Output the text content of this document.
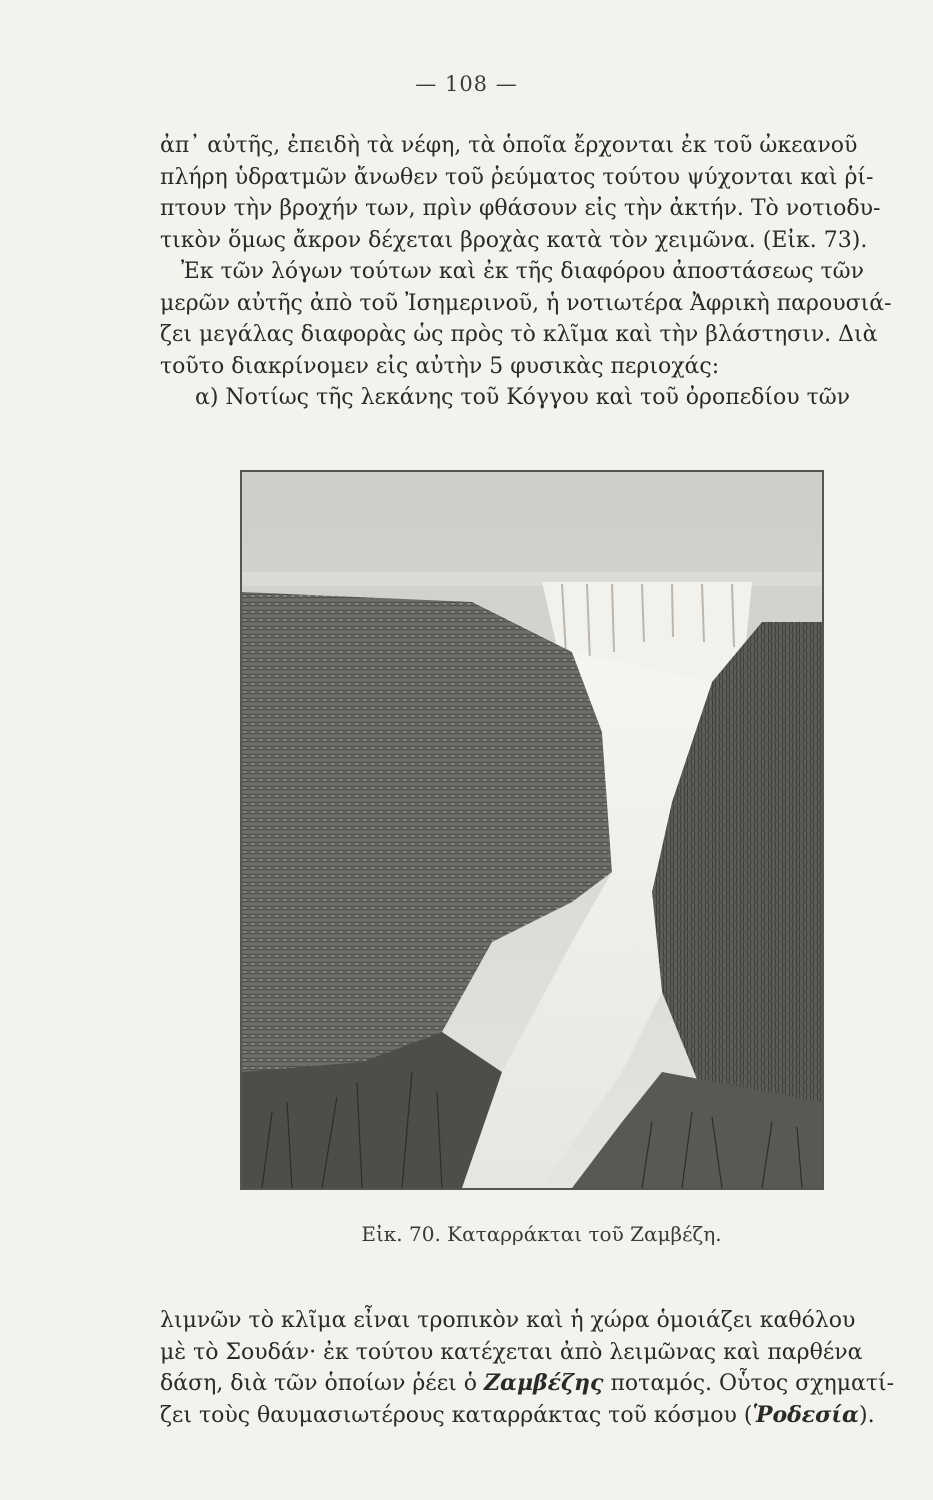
— 108 —
ἀπ᾿ αὐτῆς, ἐπειδὴ τὰ νέφη, τὰ ὁποῖα ἔρχονται ἐκ τοῦ ὠκεανοῦ
πλήρη ὑδρατμῶν ἄνωθεν τοῦ ῥεύματος τούτου ψύχονται καὶ ῥί-
πτουν τὴν βροχήν των, πρὶν φθάσουν εἰς τὴν ἀκτήν. Τὸ νοτιοδυ-
τικὸν ὅμως ἄκρον δέχεται βροχὰς κατὰ τὸν χειμῶνα. (Εἰκ. 73).
Ἐκ τῶν λόγων τούτων καὶ ἐκ τῆς διαφόρου ἀποστάσεως τῶν
μερῶν αὐτῆς ἀπὸ τοῦ Ἰσημερινοῦ, ἡ νοτιωτέρα Ἀφρικὴ παρουσιά-
ζει μεγάλας διαφορὰς ὡς πρὸς τὸ κλῖμα καὶ τὴν βλάστησιν. Διὰ
τοῦτο διακρίνομεν εἰς αὐτὴν 5 φυσικὰς περιοχάς:
α) Νοτίως τῆς λεκάνης τοῦ Κόγγου καὶ τοῦ ὀροπεδίου τῶν
Εἰκ. 70. Καταρράκται τοῦ Ζαμβέζη.
λιμνῶν τὸ κλῖμα εἶναι τροπικὸν καὶ ἡ χώρα ὁμοιάζει καθόλου
μὲ τὸ Σουδάν· ἐκ τούτου κατέχεται ἀπὸ λειμῶνας καὶ παρθένα
δάση, διὰ τῶν ὁποίων ῥέει ὁ Ζαμβέζης ποταμός. Οὗτος σχηματί-
ζει τοὺς θαυμασιωτέρους καταρράκτας τοῦ κόσμου (Ῥοδεσία).
